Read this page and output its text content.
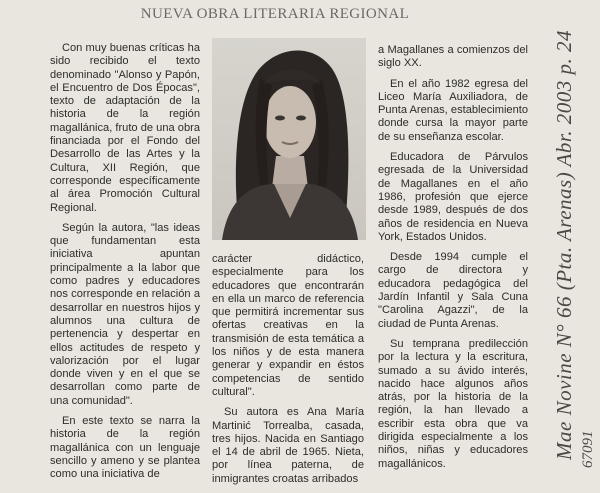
NUEVA OBRA LITERARIA REGIONAL

Con muy buenas críticas ha sido recibido el texto denominado "Alonso y Papón, el Encuentro de Dos Épocas", texto de adaptación de la historia de la región magallánica, fruto de una obra financiada por el Fondo del Desarrollo de las Artes y la Cultura, XII Región, que corresponde específicamente al área Promoción Cultural Regional.

Según la autora, "las ideas que fundamentan esta iniciativa apuntan principalmente a la labor que como padres y educadores nos corresponde en relación a desarrollar en nuestros hijos y alumnos una cultura de pertenencia y despertar en ellos actitudes de respeto y valorización por el lugar donde viven y en el que se desarrollan como parte de una comunidad".

En este texto se narra la historia de la región magallánica con un lenguaje sencillo y ameno y se plantea como una iniciativa de

carácter didáctico, especialmente para los educadores que encontrarán en ella un marco de referencia que permitirá incrementar sus ofertas creativas en la transmisión de esta temática a los niños y de esta manera generar y expandir en éstos competencias de sentido cultural".

Su autora es Ana María Martinić Torrealba, casada, tres hijos. Nacida en Santiago el 14 de abril de 1965. Nieta, por línea paterna, de inmigrantes croatas arribados

a Magallanes a comienzos del siglo XX.

En el año 1982 egresa del Liceo María Auxiliadora, de Punta Arenas, establecimiento donde cursa la mayor parte de su enseñanza escolar.

Educadora de Párvulos egresada de la Universidad de Magallanes en el año 1986, profesión que ejerce desde 1989, después de dos años de residencia en Nueva York, Estados Unidos.

Desde 1994 cumple el cargo de directora y educadora pedagógica del Jardín Infantil y Sala Cuna "Carolina Agazzi", de la ciudad de Punta Arenas.

Su temprana predilección por la lectura y la escritura, sumado a su ávido interés, nacido hace algunos años atrás, por la historia de la región, la han llevado a escribir esta obra que va dirigida especialmente a los niños, niñas y educadores magallánicos.

Mae Novine N° 66 (Pta. Arenas) Abr. 2003 p. 24 67091
